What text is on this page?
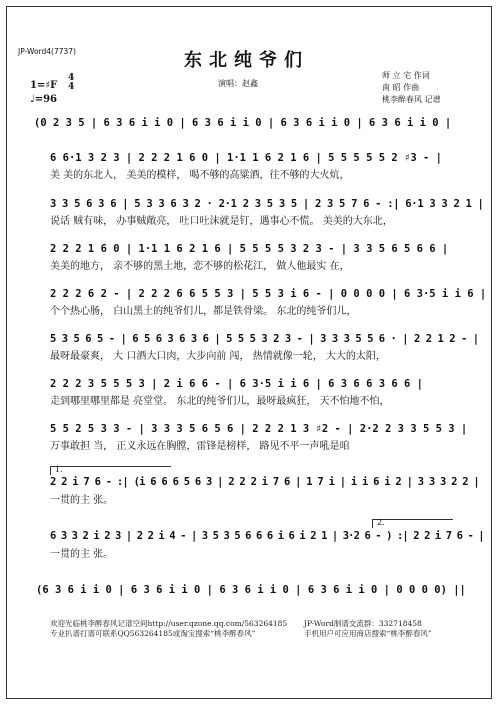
JP-Word4(7737)	东北纯爷们
1=♯F
4
4
♩=96
演唱：赵鑫
师 立 宅 作词
南 昭 作曲
桃李醉春风 记谱
(0 2 3 5 | 6 3 6 i i 0 | 6 3 6 i i 0 | 6 3 6 i i 0 | 6 3 6 i i 0 |
6 6·1 3 2 3 | 2 2 2 1 6 0 | 1·1 1 6 2 1 6 | 5 5 5 5 5 2 ♯3 - |
美 美的东北人， 美美的模样， 喝不够的高粱酒，往不够的大火炕，
3 3 5 6 3 6 | 5 3 3 6 3 2 · 2·1 2 3 5 3 5 | 2 3 5 7 6 - :| 6·1 3 3 2 1 |
说话 贼有味， 办事贼敞亮， 吐口吐沫就是钉，遇事心不慌。 美美的大东北，
2 2 2 1 6 0 | 1·1 1 6 2 1 6 | 5 5 5 5 3 2 3 - | 3 3 5 6 5 6 6 |
美美的地方， 亲不够的黑土地，恋不够的松花江， 做人他最实 在，
2 2 2 6 2 - | 2 2 2 6 6 5 5 3 | 5 5 3 i 6 - | 0 0 0 0 | 6 3·5 i i 6 |
个个热心肠， 白山黑土的纯爷们儿，都是铁骨梁。 东北的纯爷们儿，
5 3 5 6 5 - | 6 5 6 3 6 3 6 | 5 5 5 3 2 3 - | 3 3 3 5 5 6 · | 2 2 1 2 - |
最呀最豪爽， 大 口酒大口肉，大步向前 闯， 热情就像一轮， 大大的太阳，
2 2 2 3 5 5 5 3 | 2 i 6 6 - | 6 3·5 i i 6 | 6 3 6 6 3 6 6 |
走到哪里哪里都是 亮堂堂。 东北的纯爷们儿，最呀最疯狂， 天不怕地不怕，
5 5 2 5 3 3 - | 3 3 3 5 6 5 6 | 2 2 2 1 3 ♯2 - | 2·2 2 3 3 5 5 3 |
万事敢担 当， 正义永远在胸膛，雷锋是榜样， 路见不平一声吼是咱
1.
2 2 i 7 6 - :| (i 6 6 6 5 6 3 | 2 2 2 i 7 6 | 1 7 i | i i 6 i 2 | 3 3 3 2 2 |
一贯的主 张。
2.
6 3 3 2 i 2 3 | 2 2 i 4 - | 3 5 3 5 6 6 6 i 6 i 2 1 | 3·2 6 - ) :| 2 2 i 7 6 - |
一贯的主 张。
(6 3 6 i i 0 | 6 3 6 i i 0 | 6 3 6 i i 0 | 6 3 6 i i 0 | 0 0 0 0) ||
欢迎光临桃李醉春风记谱空间http://user.qzone.qq.com/563264185
专业扒谱打谱可联系QQ563264185或淘宝搜索“桃李醉春风”
JP-Word制谱交流群：332718458
手机用户可应用商店搜索“桃李醉春风”
